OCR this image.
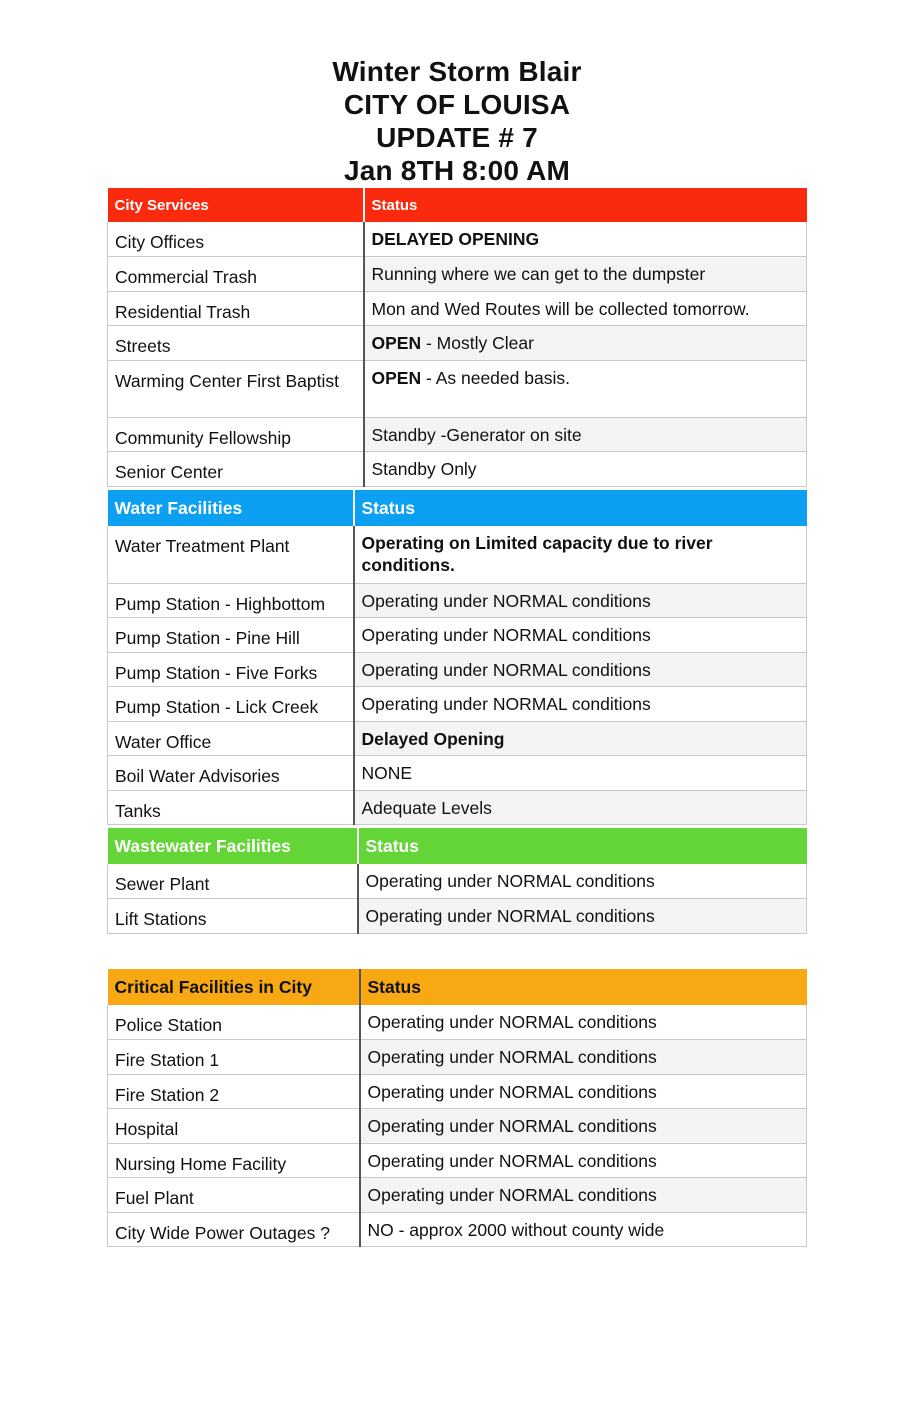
Winter Storm Blair
CITY OF LOUISA
UPDATE # 7
Jan 8TH 8:00 AM
City Services	Status
City Offices	DELAYED OPENING
Commercial Trash	Running where we can get to the dumpster
Residential Trash	Mon and Wed Routes will be collected tomorrow.
Streets	OPEN - Mostly Clear
Warming Center First Baptist	OPEN - As needed basis.
Community Fellowship	Standby -Generator on site
Senior Center	Standby Only
Water Facilities	Status
Water Treatment Plant	Operating on Limited capacity due to river conditions.
Pump Station - Highbottom	Operating under NORMAL conditions
Pump Station - Pine Hill	Operating under NORMAL conditions
Pump Station - Five Forks	Operating under NORMAL conditions
Pump Station - Lick Creek	Operating under NORMAL conditions
Water Office	Delayed Opening
Boil Water Advisories	NONE
Tanks	Adequate Levels
Wastewater Facilities	Status
Sewer Plant	Operating under NORMAL conditions
Lift Stations	Operating under NORMAL conditions
Critical Facilities in City	Status
Police Station	Operating under NORMAL conditions
Fire Station 1	Operating under NORMAL conditions
Fire Station 2	Operating under NORMAL conditions
Hospital	Operating under NORMAL conditions
Nursing Home Facility	Operating under NORMAL conditions
Fuel Plant	Operating under NORMAL conditions
City Wide Power Outages ?	NO - approx 2000 without county wide
